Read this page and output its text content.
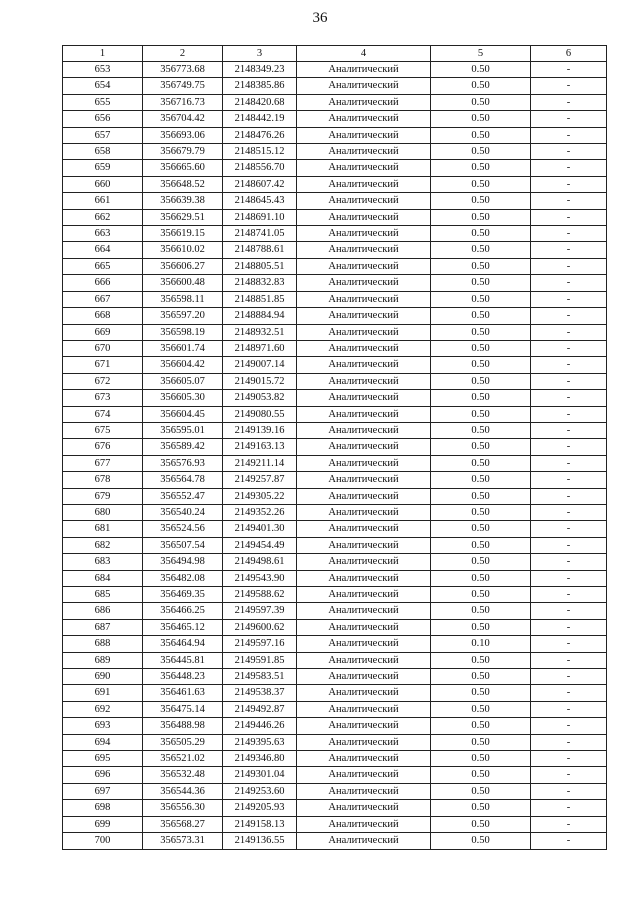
36
1	2	3	4	5	6
653	356773.68	2148349.23	Аналитический	0.50	-
654	356749.75	2148385.86	Аналитический	0.50	-
655	356716.73	2148420.68	Аналитический	0.50	-
656	356704.42	2148442.19	Аналитический	0.50	-
657	356693.06	2148476.26	Аналитический	0.50	-
658	356679.79	2148515.12	Аналитический	0.50	-
659	356665.60	2148556.70	Аналитический	0.50	-
660	356648.52	2148607.42	Аналитический	0.50	-
661	356639.38	2148645.43	Аналитический	0.50	-
662	356629.51	2148691.10	Аналитический	0.50	-
663	356619.15	2148741.05	Аналитический	0.50	-
664	356610.02	2148788.61	Аналитический	0.50	-
665	356606.27	2148805.51	Аналитический	0.50	-
666	356600.48	2148832.83	Аналитический	0.50	-
667	356598.11	2148851.85	Аналитический	0.50	-
668	356597.20	2148884.94	Аналитический	0.50	-
669	356598.19	2148932.51	Аналитический	0.50	-
670	356601.74	2148971.60	Аналитический	0.50	-
671	356604.42	2149007.14	Аналитический	0.50	-
672	356605.07	2149015.72	Аналитический	0.50	-
673	356605.30	2149053.82	Аналитический	0.50	-
674	356604.45	2149080.55	Аналитический	0.50	-
675	356595.01	2149139.16	Аналитический	0.50	-
676	356589.42	2149163.13	Аналитический	0.50	-
677	356576.93	2149211.14	Аналитический	0.50	-
678	356564.78	2149257.87	Аналитический	0.50	-
679	356552.47	2149305.22	Аналитический	0.50	-
680	356540.24	2149352.26	Аналитический	0.50	-
681	356524.56	2149401.30	Аналитический	0.50	-
682	356507.54	2149454.49	Аналитический	0.50	-
683	356494.98	2149498.61	Аналитический	0.50	-
684	356482.08	2149543.90	Аналитический	0.50	-
685	356469.35	2149588.62	Аналитический	0.50	-
686	356466.25	2149597.39	Аналитический	0.50	-
687	356465.12	2149600.62	Аналитический	0.50	-
688	356464.94	2149597.16	Аналитический	0.10	-
689	356445.81	2149591.85	Аналитический	0.50	-
690	356448.23	2149583.51	Аналитический	0.50	-
691	356461.63	2149538.37	Аналитический	0.50	-
692	356475.14	2149492.87	Аналитический	0.50	-
693	356488.98	2149446.26	Аналитический	0.50	-
694	356505.29	2149395.63	Аналитический	0.50	-
695	356521.02	2149346.80	Аналитический	0.50	-
696	356532.48	2149301.04	Аналитический	0.50	-
697	356544.36	2149253.60	Аналитический	0.50	-
698	356556.30	2149205.93	Аналитический	0.50	-
699	356568.27	2149158.13	Аналитический	0.50	-
700	356573.31	2149136.55	Аналитический	0.50	-
